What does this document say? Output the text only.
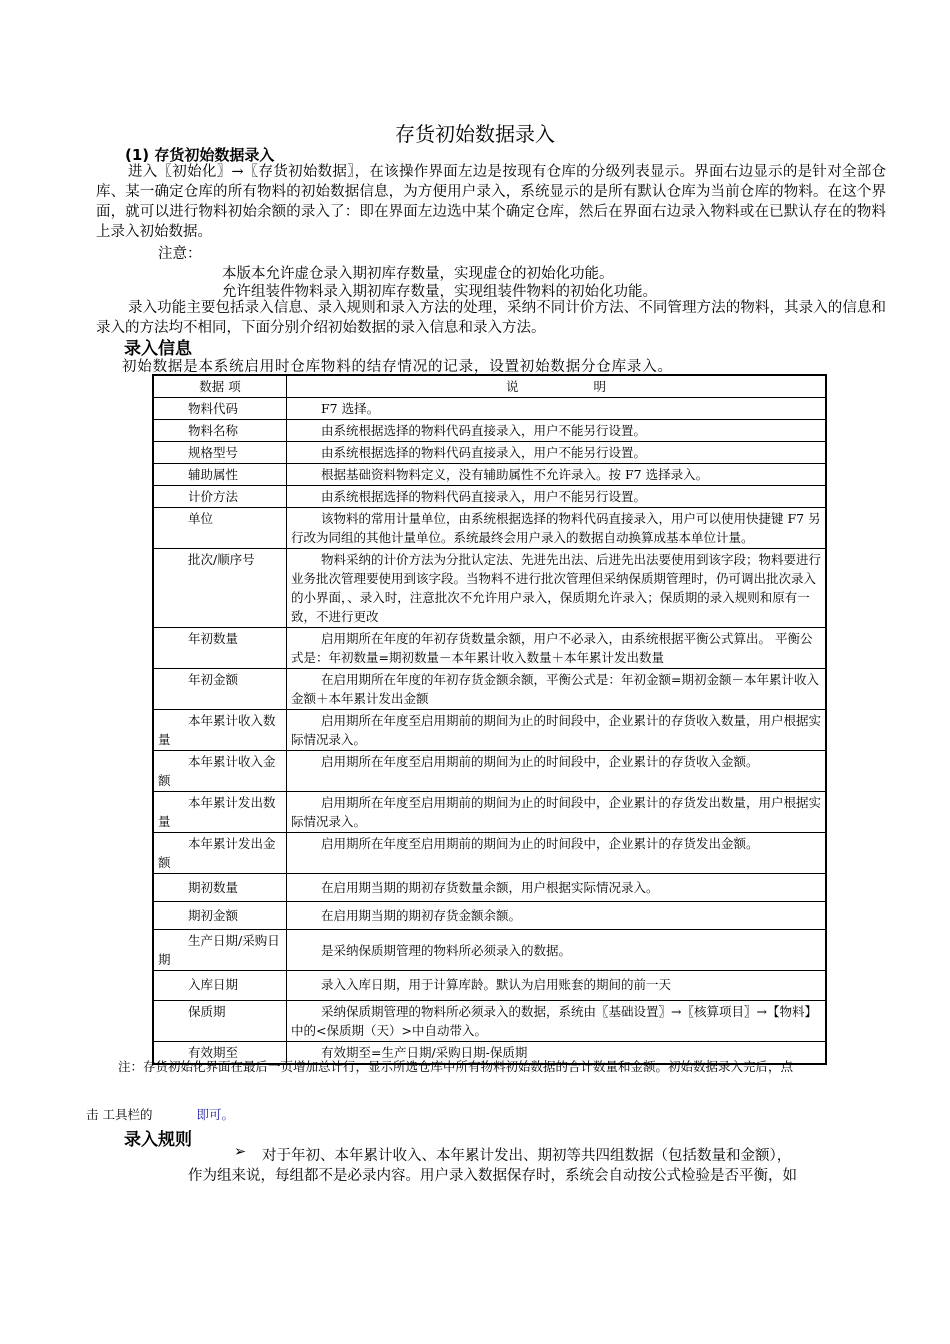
存货初始数据录入
(1) 存货初始数据录入
进入〖初始化〗→〖存货初始数据〗，在该操作界面左边是按现有仓库的分级列表显示。界面右边显示的是针对全部仓库、某一确定仓库的所有物料的初始数据信息，为方便用户录入，系统显示的是所有默认仓库为当前仓库的物料。在这个界面，就可以进行物料初始余额的录入了：即在界面左边选中某个确定仓库，然后在界面右边录入物料或在已默认存在的物料上录入初始数据。
注意：
本版本允许虚仓录入期初库存数量，实现虚仓的初始化功能。
允许组装件物料录入期初库存数量，实现组装件物料的初始化功能。
录入功能主要包括录入信息、录入规则和录入方法的处理，采纳不同计价方法、不同管理方法的物料，其录入的信息和录入的方法均不相同，下面分别介绍初始数据的录入信息和录入方法。
录入信息
初始数据是本系统启用时仓库物料的结存情况的记录，设置初始数据分仓库录入。
数据 项	说　　　　　　明
物料代码	F7 选择。
物料名称	由系统根据选择的物料代码直接录入，用户不能另行设置。
规格型号	由系统根据选择的物料代码直接录入，用户不能另行设置。
辅助属性	根据基础资料物料定义，没有辅助属性不允许录入。按 F7 选择录入。
计价方法	由系统根据选择的物料代码直接录入，用户不能另行设置。
单位	该物料的常用计量单位，由系统根据选择的物料代码直接录入，用户可以使用快捷键 F7 另行改为同组的其他计量单位。系统最终会用户录入的数据自动换算成基本单位计量。
批次/顺序号	物料采纳的计价方法为分批认定法、先进先出法、后进先出法要使用到该字段；物料要进行业务批次管理要使用到该字段。当物料不进行批次管理但采纳保质期管理时，仍可调出批次录入的小界面，、录入时，注意批次不允许用户录入，保质期允许录入；保质期的录入规则和原有一致，不进行更改
年初数量	启用期所在年度的年初存货数量余额，用户不必录入，由系统根据平衡公式算出。 平衡公式是：年初数量=期初数量－本年累计收入数量＋本年累计发出数量
年初金额	在启用期所在年度的年初存货金额余额，平衡公式是：年初金额=期初金额－本年累计收入金额＋本年累计发出金额
本年累计收入数量	启用期所在年度至启用期前的期间为止的时间段中，企业累计的存货收入数量，用户根据实际情况录入。
本年累计收入金额	启用期所在年度至启用期前的期间为止的时间段中，企业累计的存货收入金额。
本年累计发出数量	启用期所在年度至启用期前的期间为止的时间段中，企业累计的存货发出数量，用户根据实际情况录入。
本年累计发出金额	启用期所在年度至启用期前的期间为止的时间段中，企业累计的存货发出金额。
期初数量	在启用期当期的期初存货数量余额，用户根据实际情况录入。
期初金额	在启用期当期的期初存货金额余额。
生产日期/采购日期	是采纳保质期管理的物料所必须录入的数据。
入库日期	录入入库日期，用于计算库龄。默认为启用账套的期间的前一天
保质期	采纳保质期管理的物料所必须录入的数据，系统由〖基础设置〗→〖核算项目〗→【物料】中的<保质期（天）>中自动带入。
有效期至	有效期至=生产日期/采购日期-保质期
注：存货初始化界面在最后一页增加总计行，显示所选仓库中所有物料初始数据的合计数量和金额。初始数据录入完后，点
击 工具栏的	即可。
录入规则
➢ 对于年初、本年累计收入、本年累计发出、期初等共四组数据（包括数量和金额），
作为组来说，每组都不是必录内容。用户录入数据保存时，系统会自动按公式检验是否平衡，如
